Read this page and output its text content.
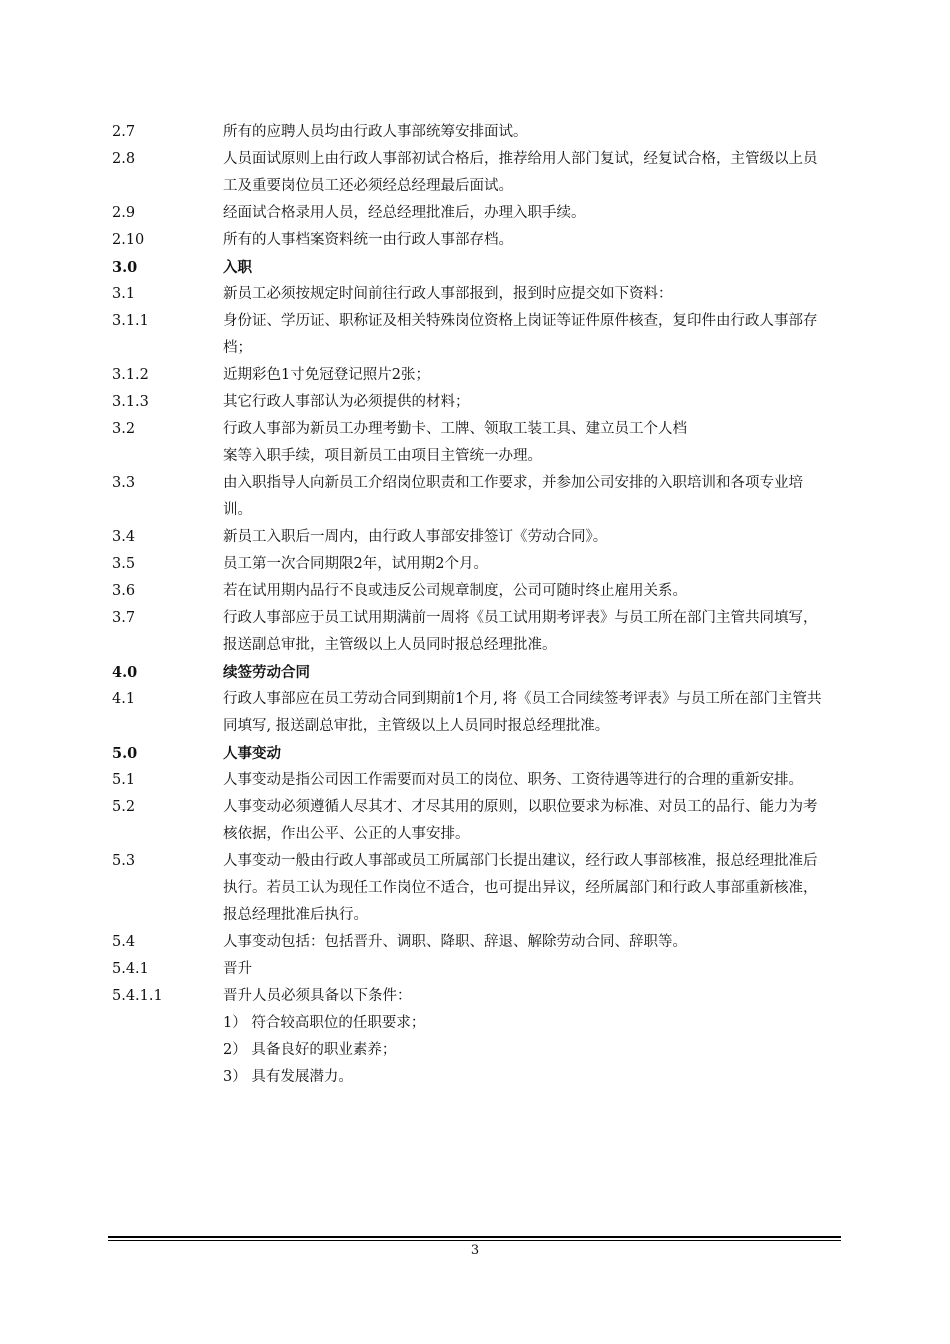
2.7	所有的应聘人员均由行政人事部统筹安排面试。
2.8	人员面试原则上由行政人事部初试合格后，推荐给用人部门复试，经复试合格，主管级以上员工及重要岗位员工还必须经总经理最后面试。
2.9	经面试合格录用人员，经总经理批准后，办理入职手续。
2.10	所有的人事档案资料统一由行政人事部存档。
3.0	入职
3.1	新员工必须按规定时间前往行政人事部报到，报到时应提交如下资料：
3.1.1	身份证、学历证、职称证及相关特殊岗位资格上岗证等证件原件核查，复印件由行政人事部存档；
3.1.2	近期彩色1寸免冠登记照片2张；
3.1.3	其它行政人事部认为必须提供的材料；
3.2	行政人事部为新员工办理考勤卡、工牌、领取工装工具、建立员工个人档
案等入职手续，项目新员工由项目主管统一办理。
3.3	由入职指导人向新员工介绍岗位职责和工作要求，并参加公司安排的入职培训和各项专业培训。
3.4	新员工入职后一周内，由行政人事部安排签订《劳动合同》。
3.5	员工第一次合同期限2年，试用期2个月。
3.6	若在试用期内品行不良或违反公司规章制度，公司可随时终止雇用关系。
3.7	行政人事部应于员工试用期满前一周将《员工试用期考评表》与员工所在部门主管共同填写，报送副总审批，主管级以上人员同时报总经理批准。
4.0	续签劳动合同
4.1	行政人事部应在员工劳动合同到期前1个月, 将《员工合同续签考评表》与员工所在部门主管共同填写, 报送副总审批，主管级以上人员同时报总经理批准。
5.0	人事变动
5.1	人事变动是指公司因工作需要而对员工的岗位、职务、工资待遇等进行的合理的重新安排。
5.2	人事变动必须遵循人尽其才、才尽其用的原则，以职位要求为标准、对员工的品行、能力为考核依据，作出公平、公正的人事安排。
5.3	人事变动一般由行政人事部或员工所属部门长提出建议，经行政人事部核准，报总经理批准后执行。若员工认为现任工作岗位不适合，也可提出异议，经所属部门和行政人事部重新核准，报总经理批准后执行。
5.4	人事变动包括：包括晋升、调职、降职、辞退、解除劳动合同、辞职等。
5.4.1	晋升
5.4.1.1	晋升人员必须具备以下条件：
1） 符合较高职位的任职要求；
2） 具备良好的职业素养；
3） 具有发展潜力。
3
